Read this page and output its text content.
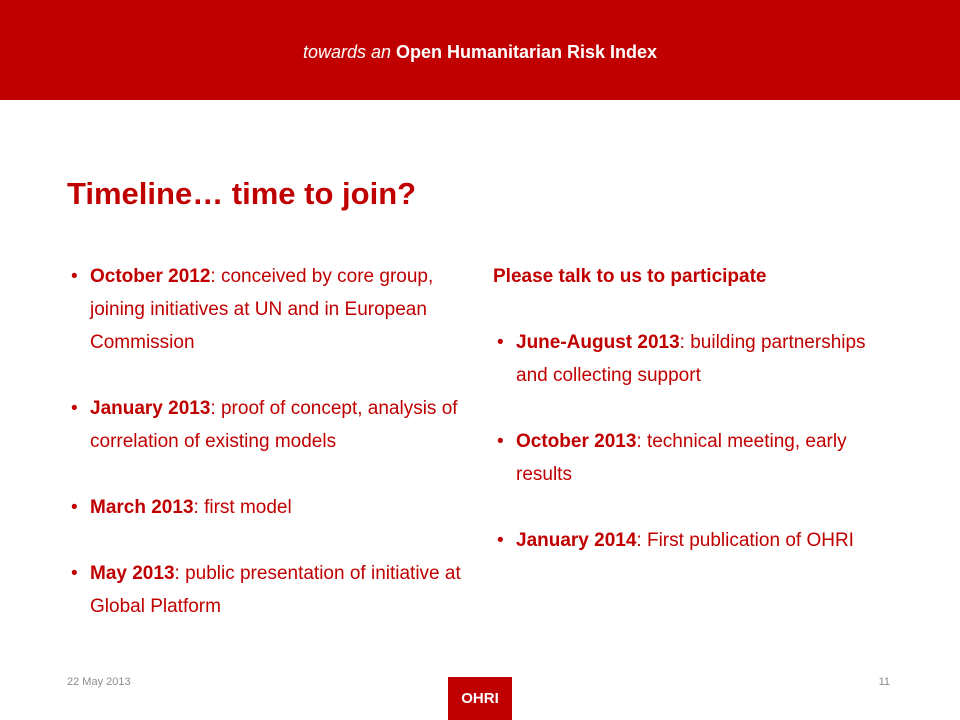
towards an Open Humanitarian Risk Index
Timeline… time to join?
• October 2012: conceived by core group, joining initiatives at UN and in European Commission
• January 2013: proof of concept, analysis of correlation of existing models
• March 2013: first model
• May 2013: public presentation of initiative at Global Platform
Please talk to us to participate
• June-August 2013: building partnerships and collecting support
• October 2013: technical meeting, early results
• January 2014: First publication of OHRI
22 May 2013
OHRI
11
